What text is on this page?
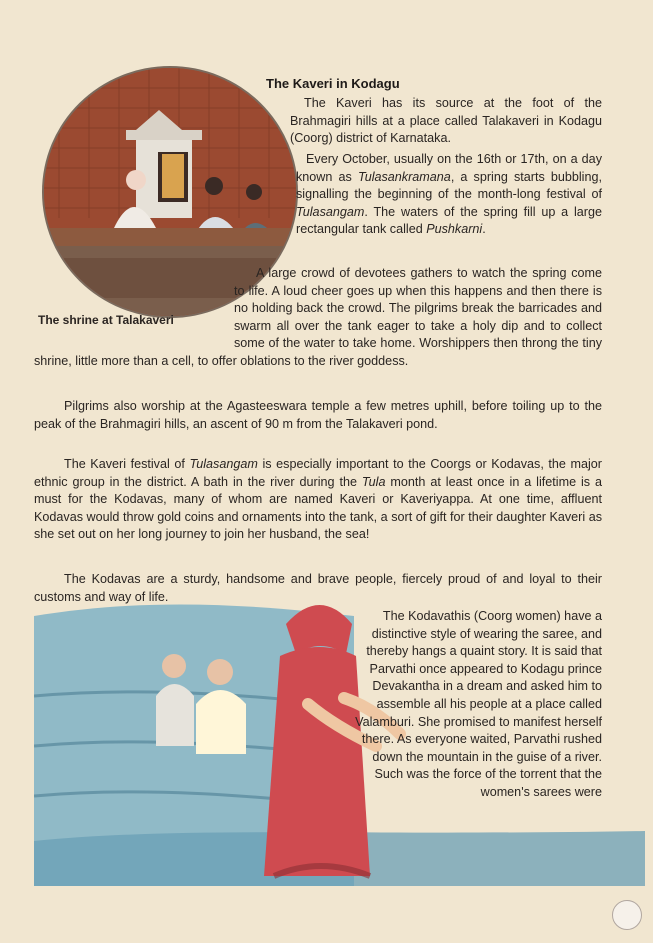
The Kaveri in Kodagu
The Kaveri has its source at the foot of the Brahmagiri hills at a place called Talakaveri in Kodagu (Coorg) district of Karnataka.
Every October, usually on the 16th or 17th, on a day known as Tulasankramana, a spring starts bubbling, signalling the beginning of the month-long festival of Tulasangam. The waters of the spring fill up a large rectangular tank called Pushkarni.
The shrine at Talakaveri
A large crowd of devotees gathers to watch the spring come to life. A loud cheer goes up when this happens and then there is no holding back the crowd. The pilgrims break the barricades and swarm all over the tank eager to take a holy dip and to collect some of the water to take home. Worshippers then throng the tiny shrine, little more than a cell, to offer oblations to the river goddess.
Pilgrims also worship at the Agasteeswara temple a few metres uphill, before toiling up to the peak of the Brahmagiri hills, an ascent of 90 m from the Talakaveri pond.
The Kaveri festival of Tulasangam is especially important to the Coorgs or Kodavas, the major ethnic group in the district. A bath in the river during the Tula month at least once in a lifetime is a must for the Kodavas, many of whom are named Kaveri or Kaveriyappa. At one time, affluent Kodavas would throw gold coins and ornaments into the tank, a sort of gift for their daughter Kaveri as she set out on her long journey to join her husband, the sea!
The Kodavas are a sturdy, handsome and brave people, fiercely proud of and loyal to their customs and way of life.
The Kodavathis (Coorg women) have a distinctive style of wearing the saree, and thereby hangs a quaint story. It is said that Parvathi once appeared to Kodagu prince Devakantha in a dream and asked him to assemble all his people at a place called Valamburi. She promised to manifest herself there. As everyone waited, Parvathi rushed down the mountain in the guise of a river. Such was the force of the torrent that the women's sarees were
